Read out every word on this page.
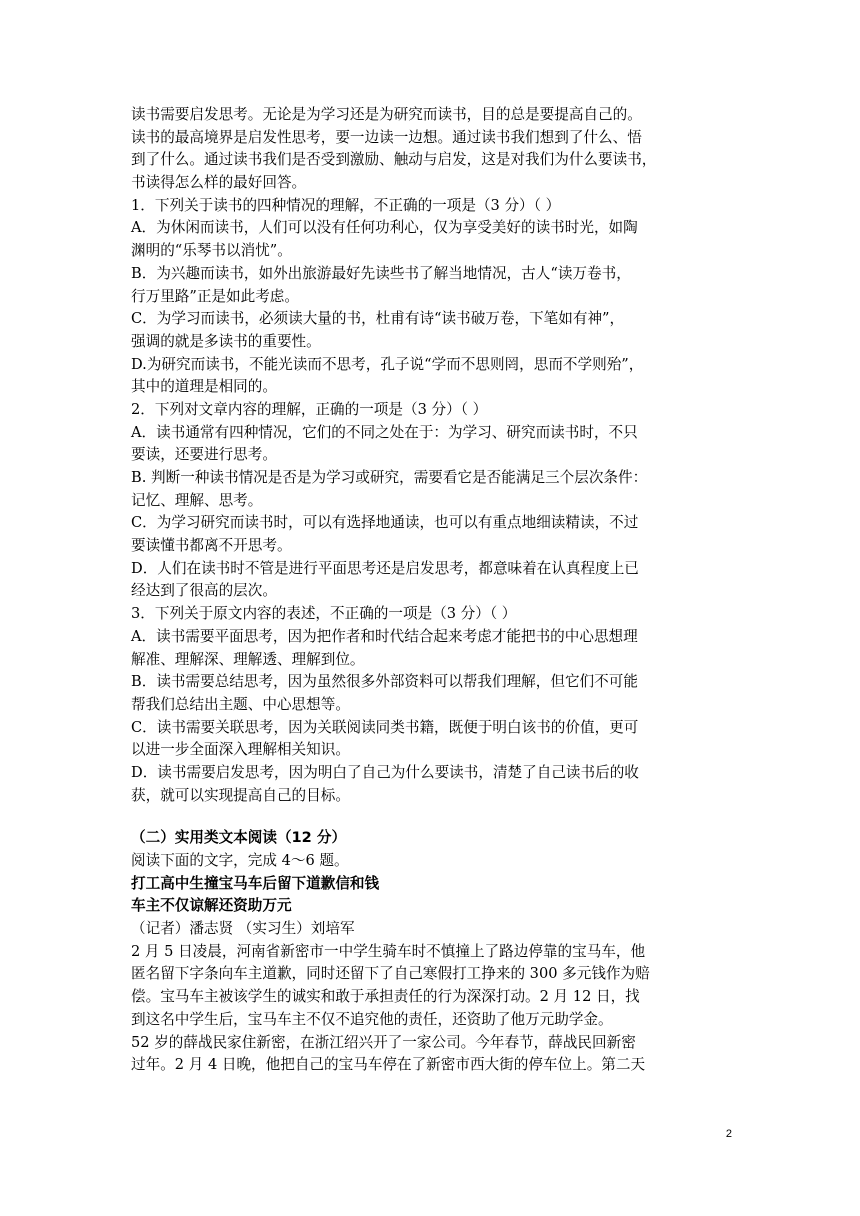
读书需要启发思考。无论是为学习还是为研究而读书，目的总是要提高自己的。
读书的最高境界是启发性思考，要一边读一边想。通过读书我们想到了什么、悟
到了什么。通过读书我们是否受到激励、触动与启发，这是对我们为什么要读书，
书读得怎么样的最好回答。
1．下列关于读书的四种情况的理解，不正确的一项是（3 分）（ ）
A．为休闲而读书，人们可以没有任何功利心，仅为享受美好的读书时光，如陶
渊明的“乐琴书以消忧”。
B．为兴趣而读书，如外出旅游最好先读些书了解当地情况，古人“读万卷书，
行万里路”正是如此考虑。
C．为学习而读书，必须读大量的书，杜甫有诗“读书破万卷，下笔如有神”，
强调的就是多读书的重要性。
D.为研究而读书，不能光读而不思考，孔子说“学而不思则罔，思而不学则殆”，
其中的道理是相同的。
2．下列对文章内容的理解，正确的一项是（3 分）（ ）
A．读书通常有四种情况，它们的不同之处在于：为学习、研究而读书时，不只
要读，还要进行思考。
B. 判断一种读书情况是否是为学习或研究，需要看它是否能满足三个层次条件：
记忆、理解、思考。
C．为学习研究而读书时，可以有选择地通读，也可以有重点地细读精读，不过
要读懂书都离不开思考。
D．人们在读书时不管是进行平面思考还是启发思考，都意味着在认真程度上已
经达到了很高的层次。
3．下列关于原文内容的表述，不正确的一项是（3 分）（ ）
A．读书需要平面思考，因为把作者和时代结合起来考虑才能把书的中心思想理
解准、理解深、理解透、理解到位。
B．读书需要总结思考，因为虽然很多外部资料可以帮我们理解，但它们不可能
帮我们总结出主题、中心思想等。
C．读书需要关联思考，因为关联阅读同类书籍，既便于明白该书的价值，更可
以进一步全面深入理解相关知识。
D．读书需要启发思考，因为明白了自己为什么要读书，清楚了自己读书后的收
获，就可以实现提高自己的目标。
（二）实用类文本阅读（12 分）
阅读下面的文字，完成 4～6 题。
打工高中生撞宝马车后留下道歉信和钱
车主不仅谅解还资助万元
（记者）潘志贤 （实习生）刘培军
2 月 5 日凌晨，河南省新密市一中学生骑车时不慎撞上了路边停靠的宝马车，他
匿名留下字条向车主道歉，同时还留下了自己寒假打工挣来的 300 多元钱作为赔
偿。宝马车主被该学生的诚实和敢于承担责任的行为深深打动。2 月 12 日，找
到这名中学生后，宝马车主不仅不追究他的责任，还资助了他万元助学金。
52 岁的薛战民家住新密，在浙江绍兴开了一家公司。今年春节，薛战民回新密
过年。2 月 4 日晚，他把自己的宝马车停在了新密市西大街的停车位上。第二天
2
